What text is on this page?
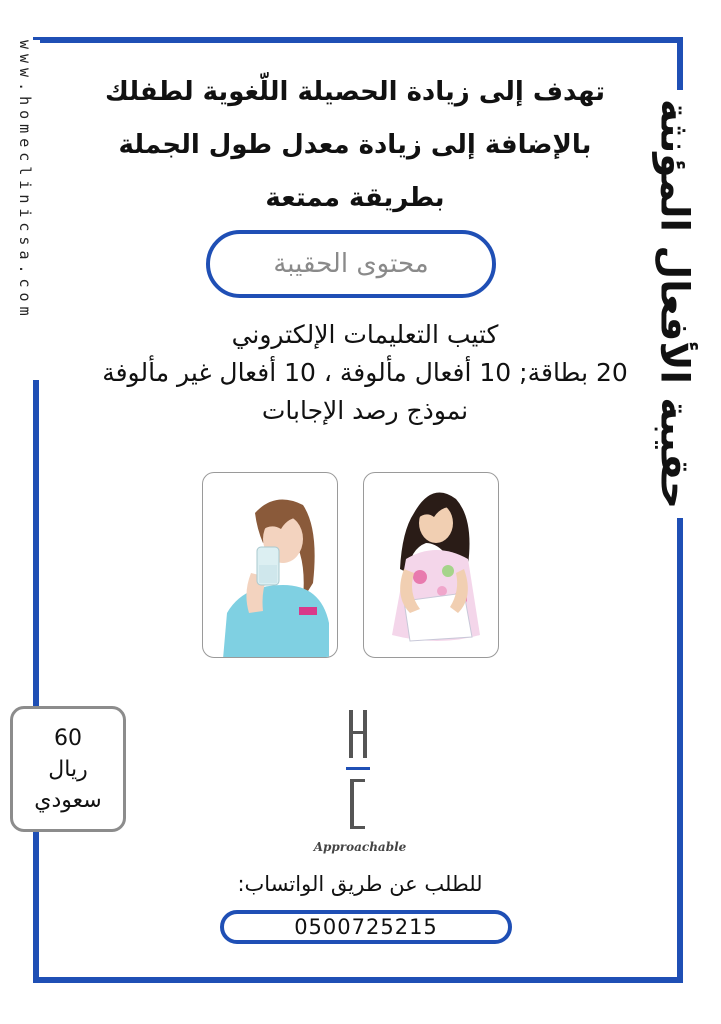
www.homeclinicsa.com	حقيبة الأفعال المؤنثة
تهدف إلى زيادة الحصيلة اللّغوية لطفلك
بالإضافة إلى زيادة معدل طول الجملة
بطريقة ممتعة
محتوى الحقيبة
كتيب التعليمات الإلكتروني
20 بطاقة; 10 أفعال مألوفة ، 10 أفعال غير مألوفة
نموذج رصد الإجابات
60
ريال
سعودي
Approachable
للطلب عن طريق الواتساب:
0500725215
